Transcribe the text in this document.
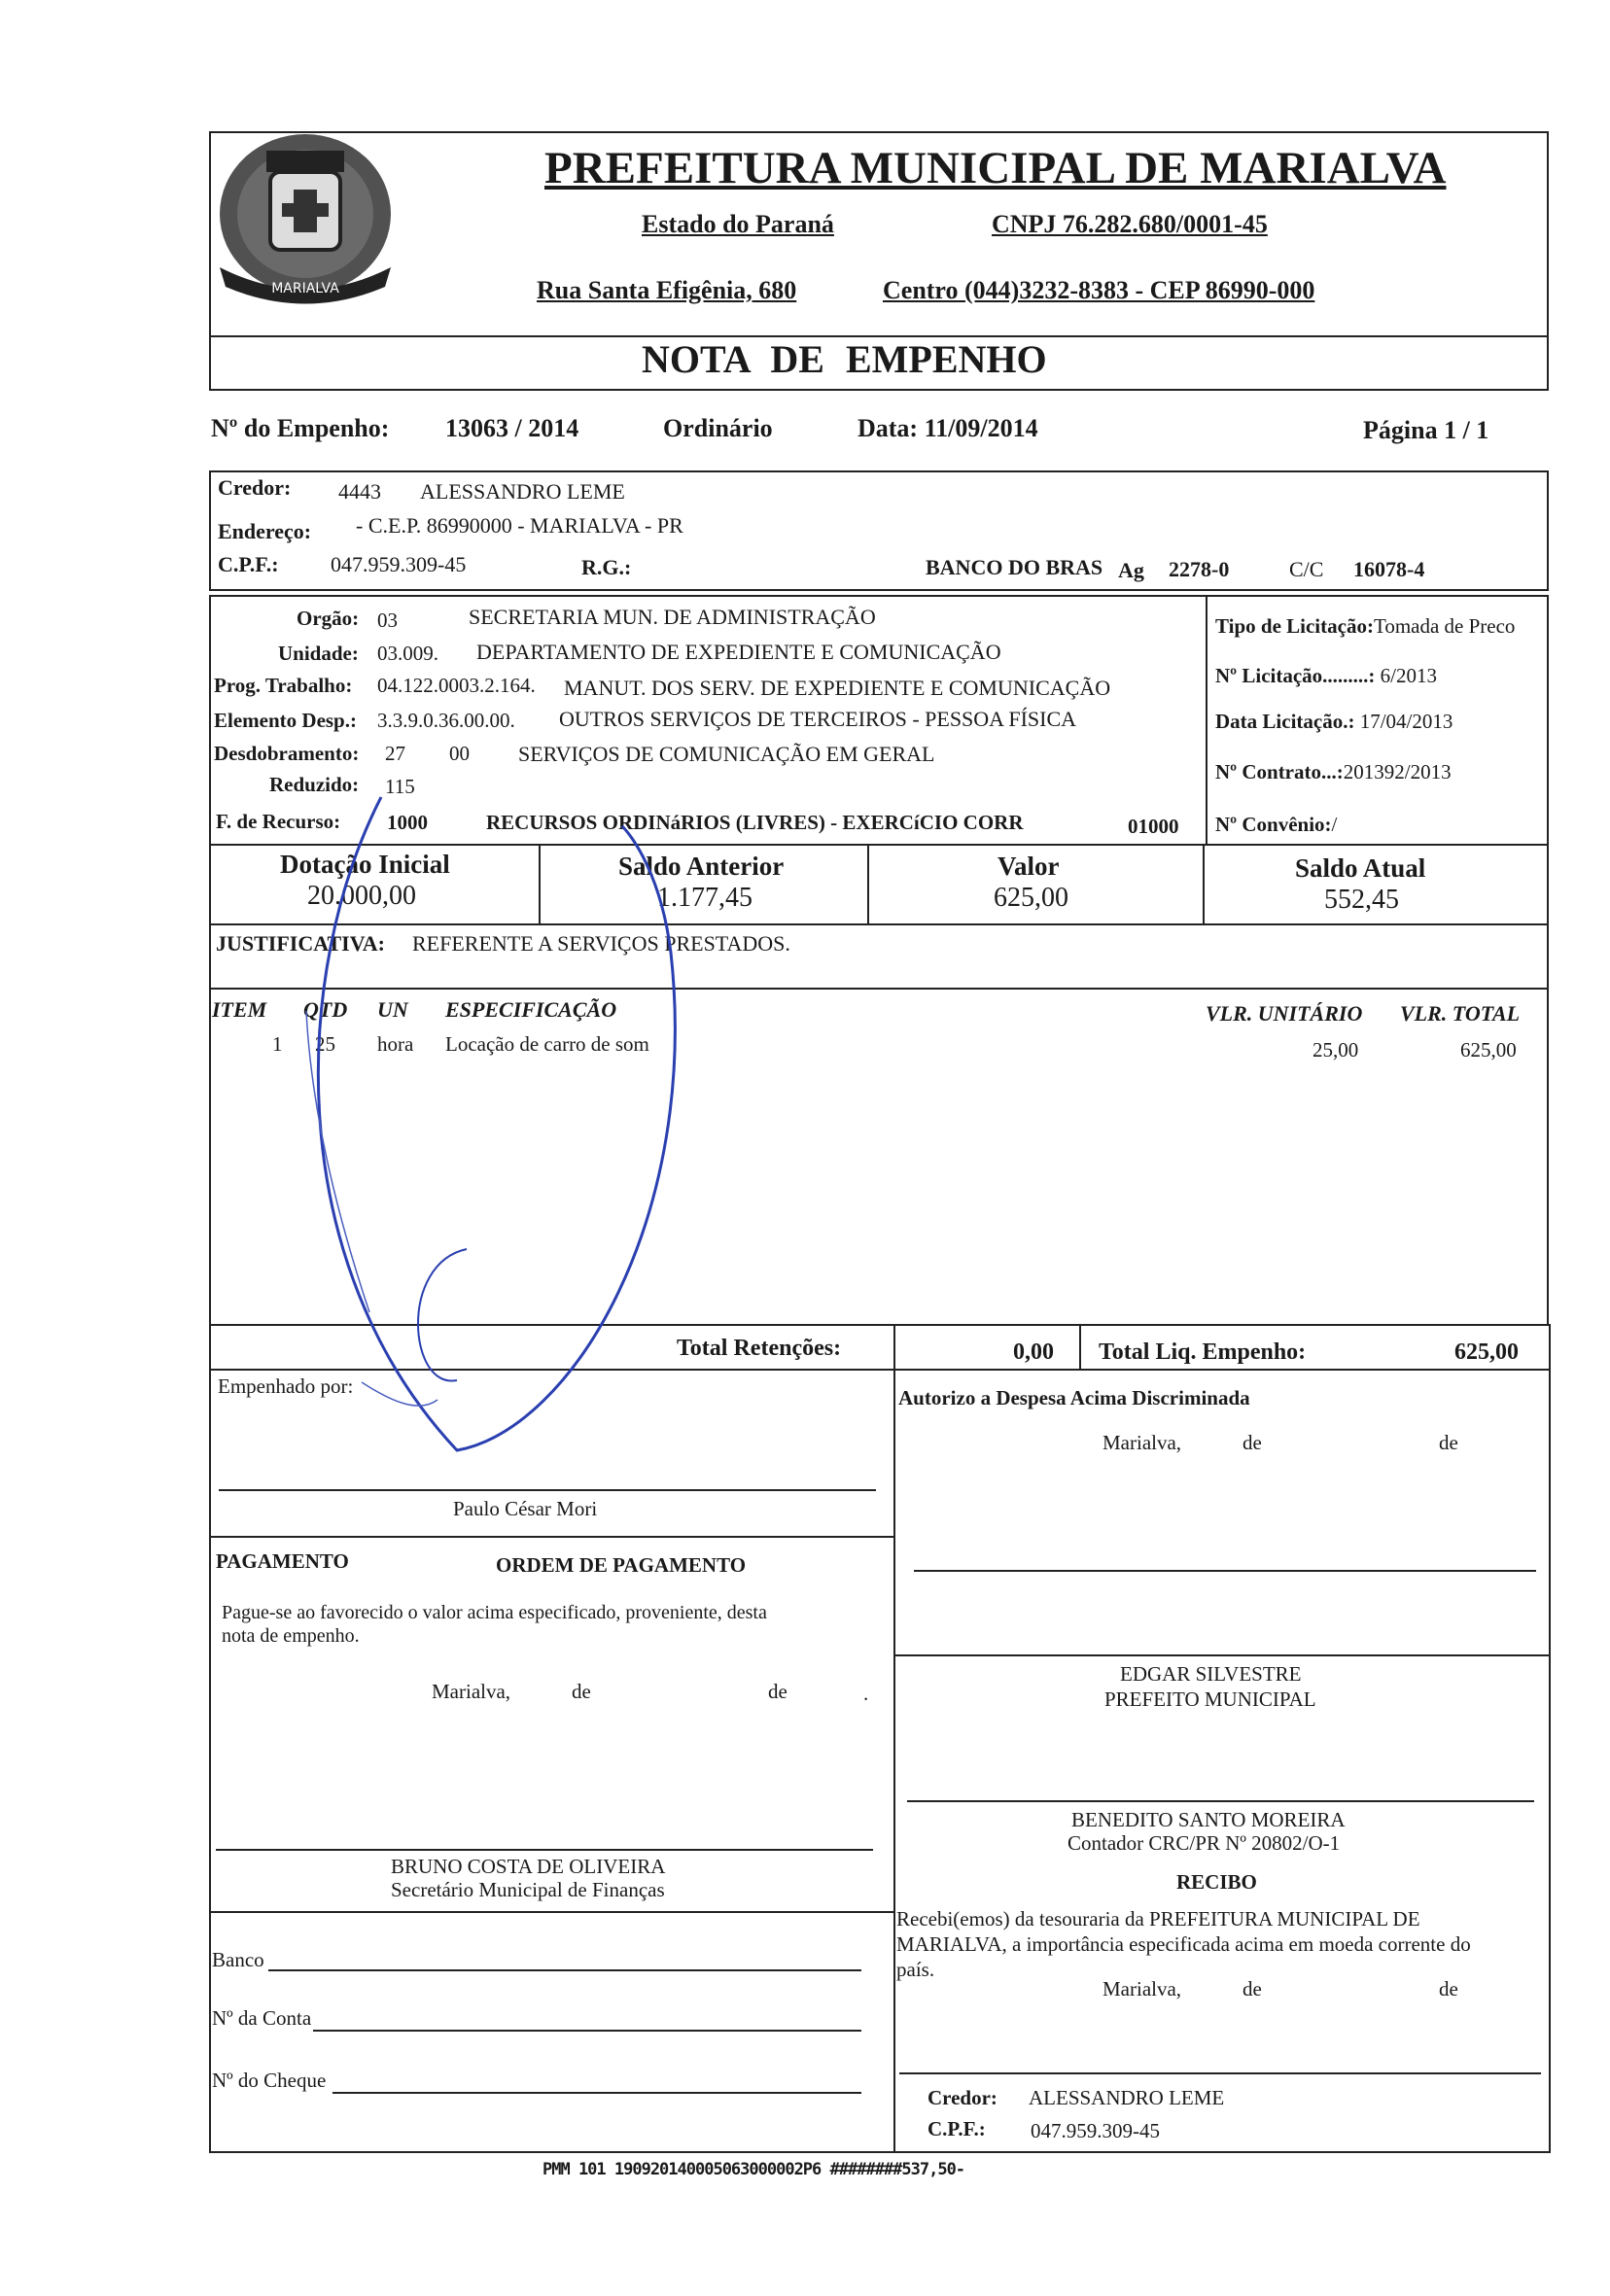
MARIALVA
PREFEITURA MUNICIPAL DE MARIALVA
Estado do Paraná	CNPJ 76.282.680/0001-45
Rua Santa Efigênia, 680	Centro (044)3232-8383 - CEP 86990-000
NOTA DE EMPENHO
Nº do Empenho: 13063 / 2014	Ordinário	Data: 11/09/2014	Página 1 / 1
Credor: 4443 ALESSANDRO LEME
Endereço: - C.E.P. 86990000 - MARIALVA - PR
C.P.F.: 047.959.309-45	R.G.:	BANCO DO BRAS Ag 2278-0	C/C 16078-4
Orgão: 03	SECRETARIA MUN. DE ADMINISTRAÇÃO
Unidade: 03.009. DEPARTAMENTO DE EXPEDIENTE E COMUNICAÇÃO
Prog. Trabalho: 04.122.0003.2.164. MANUT. DOS SERV. DE EXPEDIENTE E COMUNICAÇÃO
Elemento Desp.: 3.3.9.0.36.00.00. OUTROS SERVIÇOS DE TERCEIROS - PESSOA FÍSICA
Desdobramento: 27 00 SERVIÇOS DE COMUNICAÇÃO EM GERAL
Reduzido: 115
F. de Recurso: 1000	RECURSOS ORDINáRIOS (LIVRES) - EXERCíCIO CORR	01000
Tipo de Licitação:Tomada de Preco
Nº Licitação.........: 6/2013
Data Licitação.: 17/04/2013
Nº Contrato...:201392/2013
Nº Convênio:/
Dotação Inicial
20.000,00
Saldo Anterior
1.177,45
Valor
625,00
Saldo Atual
552,45
JUSTIFICATIVA: REFERENTE A SERVIÇOS PRESTADOS.
ITEM QTD UN ESPECIFICAÇÃO	VLR. UNITÁRIO VLR. TOTAL
1 25 hora Locação de carro de som	25,00	625,00
Total Retenções:	0,00 Total Liq. Empenho:	625,00
Empenhado por:
Paulo César Mori
PAGAMENTO	ORDEM DE PAGAMENTO
Pague-se ao favorecido o valor acima especificado, proveniente, desta
nota de empenho.
Marialva,	de	de	.
BRUNO COSTA DE OLIVEIRA
Secretário Municipal de Finanças
Banco
Nº da Conta
Nº do Cheque
Autorizo a Despesa Acima Discriminada
Marialva,	de	de
EDGAR SILVESTRE
PREFEITO MUNICIPAL
BENEDITO SANTO MOREIRA
Contador CRC/PR Nº 20802/O-1
RECIBO
Recebi(emos) da tesouraria da PREFEITURA MUNICIPAL DE
MARIALVA, a importância especificada acima em moeda corrente do
país.
Marialva,	de	de
Credor: ALESSANDRO LEME
C.P.F.: 047.959.309-45
PMM 101 190920140005063000002P6 ########537,50-
